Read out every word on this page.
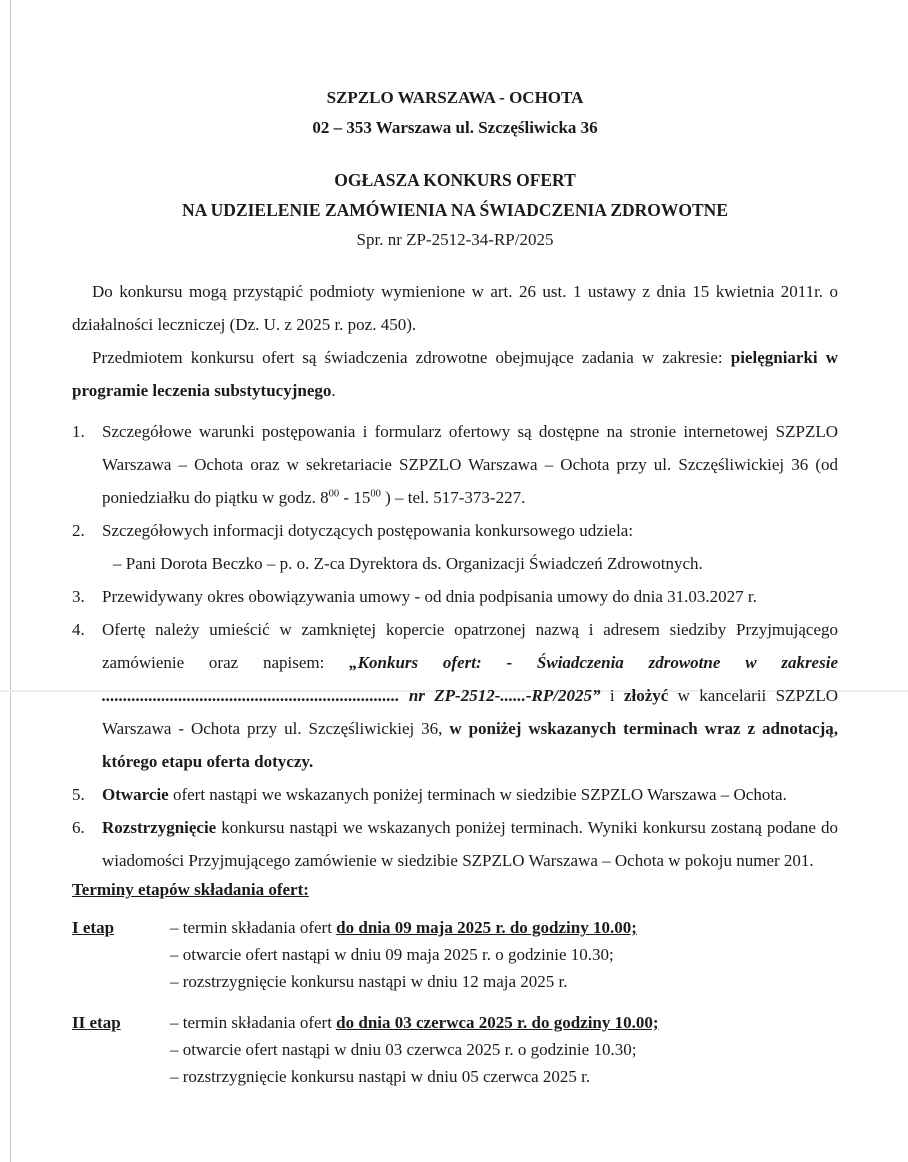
SZPZLO WARSZAWA - OCHOTA
02 – 353 Warszawa ul. Szczęśliwicka 36
OGŁASZA KONKURS OFERT
NA UDZIELENIE ZAMÓWIENIA NA ŚWIADCZENIA ZDROWOTNE
Spr. nr ZP-2512-34-RP/2025

Do konkursu mogą przystąpić podmioty wymienione w art. 26 ust. 1 ustawy z dnia 15 kwietnia 2011r. o działalności leczniczej (Dz. U. z 2025 r. poz. 450).

Przedmiotem konkursu ofert są świadczenia zdrowotne obejmujące zadania w zakresie: pielęgniarki w programie leczenia substytucyjnego.

1.	Szczegółowe warunki postępowania i formularz ofertowy są dostępne na stronie internetowej SZPZLO Warszawa – Ochota oraz w sekretariacie SZPZLO Warszawa – Ochota przy ul. Szczęśliwickiej 36 (od poniedziałku do piątku w godz. $8^{00} - 15^{00}$ ) – tel. 517-373-227.
2.	Szczegółowych informacji dotyczących postępowania konkursowego udziela:
– Pani Dorota Beczko – p. o. Z-ca Dyrektora ds. Organizacji Świadczeń Zdrowotnych.
3.	Przewidywany okres obowiązywania umowy - od dnia podpisania umowy do dnia 31.03.2027 r.
4.	Ofertę należy umieścić w zamkniętej kopercie opatrzonej nazwą i adresem siedziby Przyjmującego zamówienie oraz napisem: „Konkurs ofert: - Świadczenia zdrowotne w zakresie ...................................................................... nr ZP-2512-......-RP/2025” i złożyć w kancelarii SZPZLO Warszawa - Ochota przy ul. Szczęśliwickiej 36, w poniżej wskazanych terminach wraz z adnotacją, którego etapu oferta dotyczy.
5.	Otwarcie ofert nastąpi we wskazanych poniżej terminach w siedzibie SZPZLO Warszawa – Ochota.
6.	Rozstrzygnięcie konkursu nastąpi we wskazanych poniżej terminach. Wyniki konkursu zostaną podane do wiadomości Przyjmującego zamówienie w siedzibie SZPZLO Warszawa – Ochota w pokoju numer 201.
Terminy etapów składania ofert:
I etap	– termin składania ofert do dnia 09 maja 2025 r. do godziny 10.00;
– otwarcie ofert nastąpi w dniu 09 maja 2025 r. o godzinie 10.30;
– rozstrzygnięcie konkursu nastąpi w dniu 12 maja 2025 r.
II etap	– termin składania ofert do dnia 03 czerwca 2025 r. do godziny 10.00;
– otwarcie ofert nastąpi w dniu 03 czerwca 2025 r. o godzinie 10.30;
– rozstrzygnięcie konkursu nastąpi w dniu 05 czerwca 2025 r.
